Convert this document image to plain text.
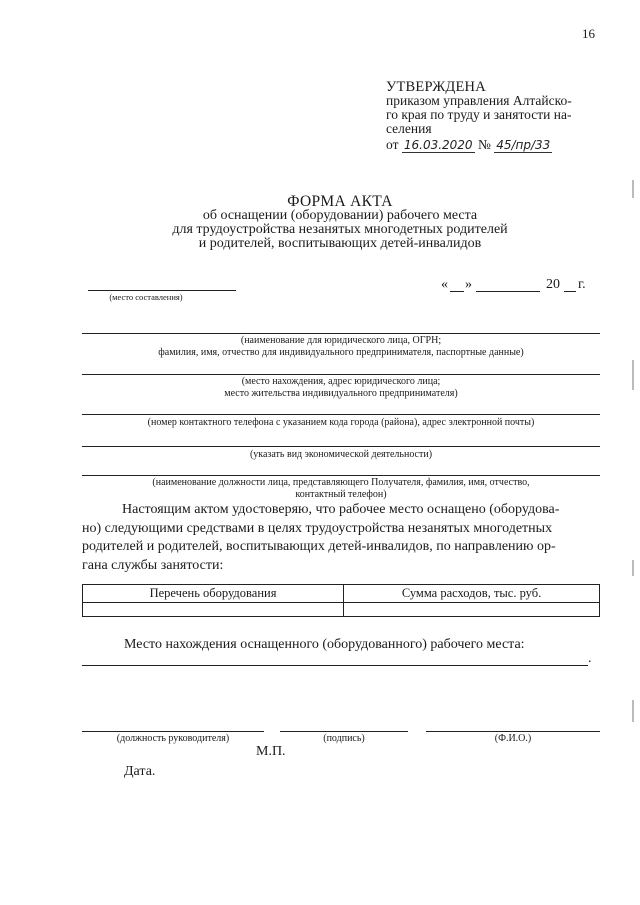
16
УТВЕРЖДЕНА
приказом управления Алтайско-
го края по труду и занятости на-
селения
от 16.03.2020 № 45/пр/33
ФОРМА АКТА
об оснащении (оборудовании) рабочего места
для трудоустройства незанятых многодетных родителей
и родителей, воспитывающих детей-инвалидов
(место составления)
« »	20 г.
(наименование для юридического лица, ОГРН;
фамилия, имя, отчество для индивидуального предпринимателя, паспортные данные)
(место нахождения, адрес юридического лица;
место жительства индивидуального предпринимателя)
(номер контактного телефона с указанием кода города (района), адрес электронной почты)
(указать вид экономической деятельности)
(наименование должности лица, представляющего Получателя, фамилия, имя, отчество,
контактный телефон)
Настоящим актом удостоверяю, что рабочее место оснащено (оборудова-
но) следующими средствами в целях трудоустройства незанятых многодетных
родителей и родителей, воспитывающих детей-инвалидов, по направлению ор-
гана службы занятости:
Перечень оборудования	Сумма расходов, тыс. руб.

Место нахождения оснащенного (оборудованного) рабочего места:
.
(должность руководителя)	(подпись)	(Ф.И.О.)
М.П.
Дата.
